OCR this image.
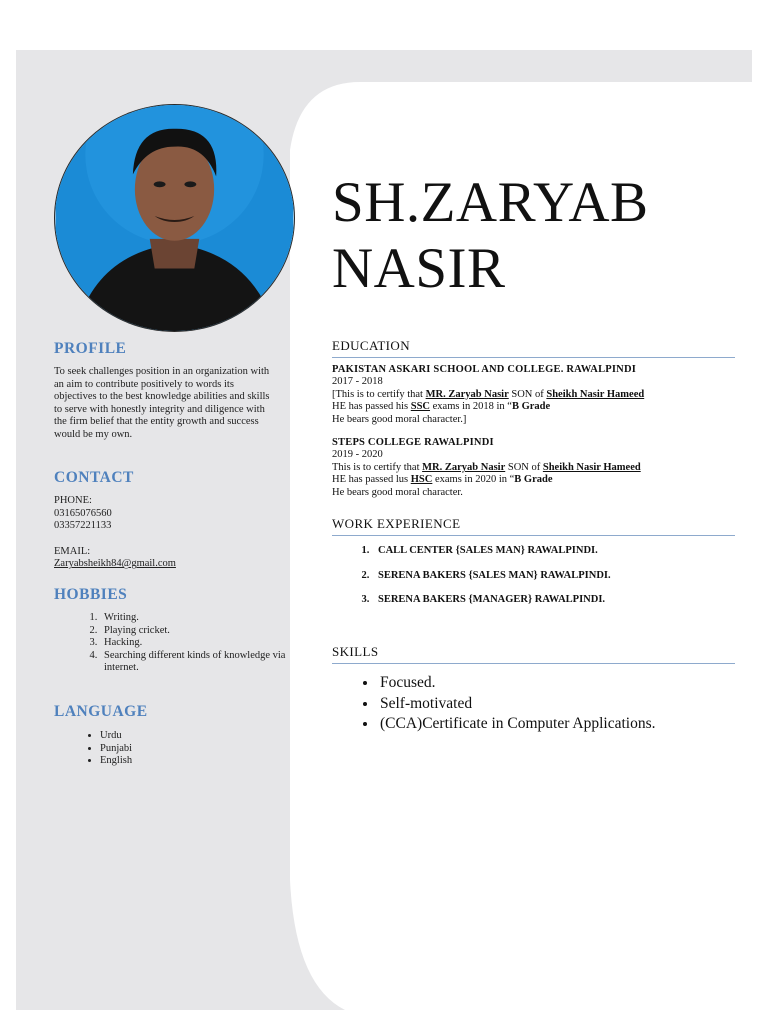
SH.ZARYAB
NASIR
PROFILE

To seek challenges position in an organization with an aim to contribute positively to words its objectives to the best knowledge abilities and skills to serve with honestly integrity and diligence with the firm belief that the entity growth and success would be my own.

CONTACT
PHONE:
03165076560
03357221133
EMAIL:
Zaryabsheikh84@gmail.com
HOBBIES
1. Writing.
2. Playing cricket.
3. Hacking.
4. Searching different kinds of knowledge via internet.
LANGUAGE
• Urdu
• Punjabi
• English
EDUCATION
PAKISTAN ASKARI SCHOOL AND COLLEGE. RAWALPINDI
2017 - 2018
[This is to certify that MR. Zaryab Nasir SON of Sheikh Nasir Hameed
HE has passed his SSC exams in 2018 in “B Grade
He bears good moral character.]
STEPS COLLEGE RAWALPINDI
2019 - 2020
This is to certify that MR. Zaryab Nasir SON of Sheikh Nasir Hameed
HE has passed lus HSC exams in 2020 in “B Grade
He bears good moral character.
WORK EXPERIENCE
1. CALL CENTER {SALES MAN} RAWALPINDI.
2. SERENA BAKERS {SALES MAN} RAWALPINDI.
3. SERENA BAKERS {MANAGER} RAWALPINDI.
SKILLS
• Focused.
• Self-motivated
• (CCA)Certificate in Computer Applications.
